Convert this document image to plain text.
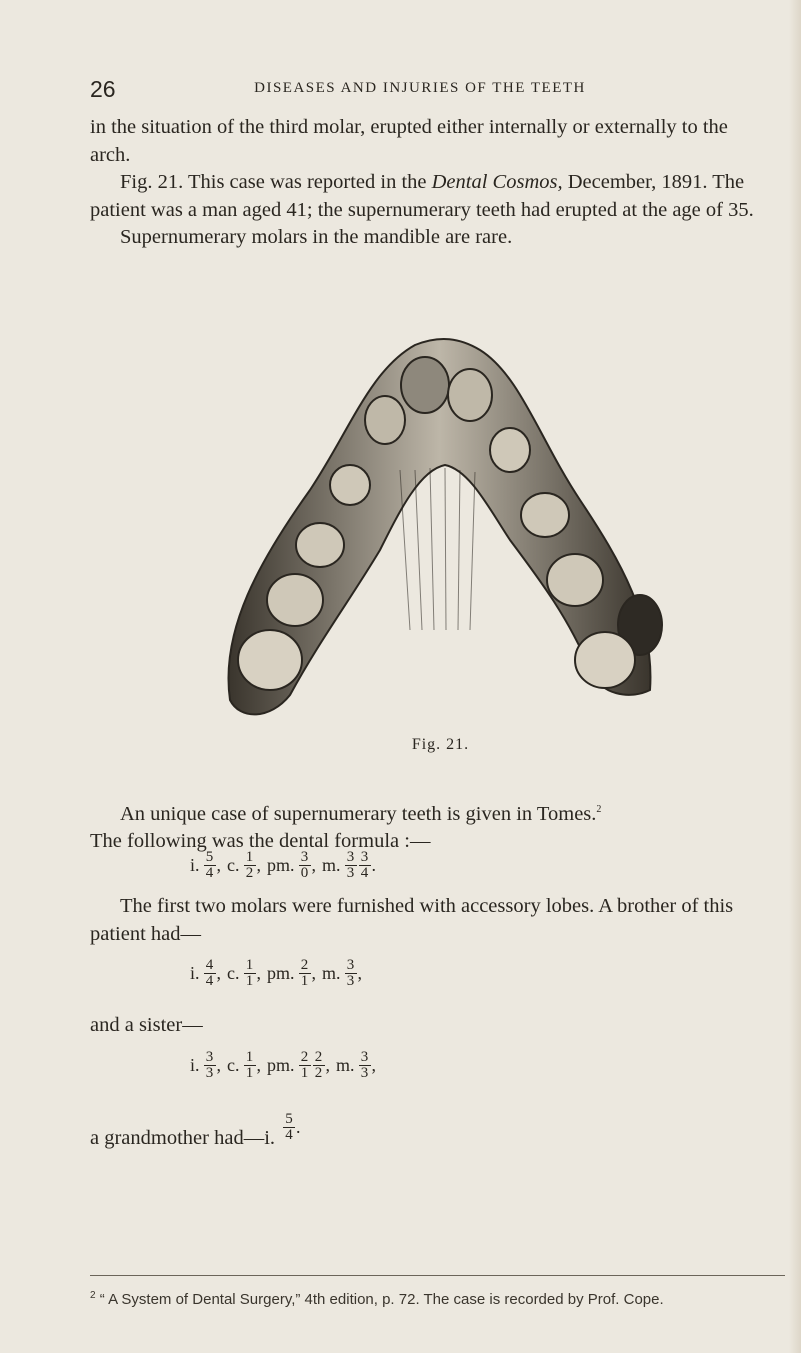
26	DISEASES AND INJURIES OF THE TEETH

in the situation of the third molar, erupted either internally or externally to the arch.

Fig. 21. This case was reported in the Dental Cosmos, December, 1891. The patient was a man aged 41; the supernumerary teeth had erupted at the age of 35.

Supernumerary molars in the mandible are rare.

Fig. 21.

An unique case of supernumerary teeth is given in Tomes.$^2$

The following was the dental formula :—

i. $\frac{5}{4}$ , c. $\frac{1}{2}$ , pm. $\frac{3}{0}$ , m. $\frac{3}{3} \frac{3}{4}$ .

The first two molars were furnished with accessory lobes. A brother of this patient had—

i. $\frac{4}{4}$ , c. $\frac{1}{1}$ , pm. $\frac{2}{1}$ , m. $\frac{3}{3}$ ,
and a sister—
i. $\frac{3}{3}$ , c. $\frac{1}{1}$ , pm. $\frac{2}{1} \frac{2}{2}$ , m. $\frac{3}{3}$ ,
a grandmother had—i. $\frac{5}{4}$ .
$^2$ “ A System of Dental Surgery,” 4th edition, p. 72. The case is recorded by Prof. Cope.
